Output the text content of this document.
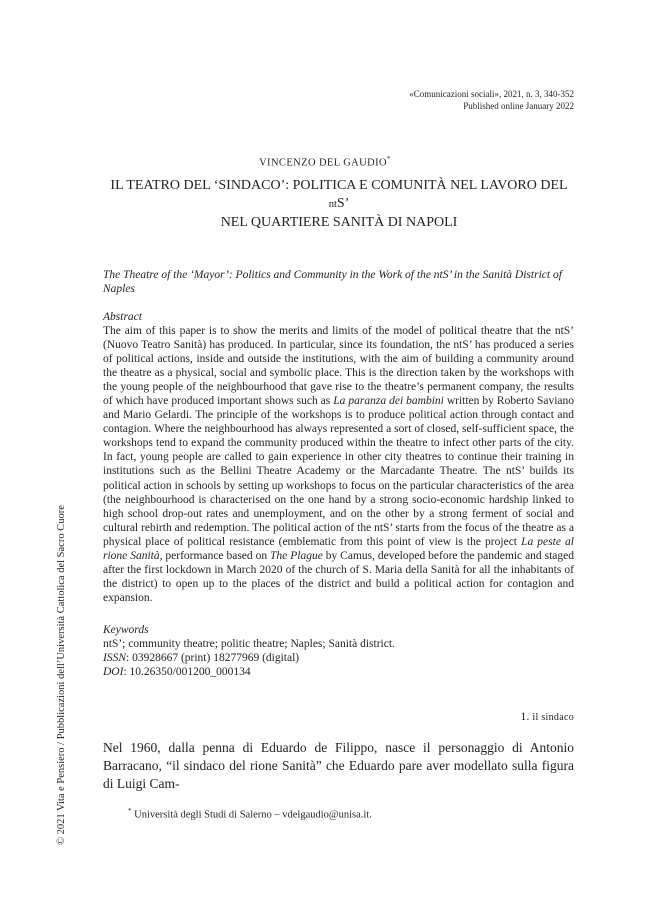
«Comunicazioni sociali», 2021, n. 3, 340-352
Published online January 2022
VINCENZO DEL GAUDIO*
IL TEATRO DEL ‘SINDACO’: POLITICA E COMUNITÀ NEL LAVORO DEL ntS’
NEL QUARTIERE SANITÀ DI NAPOLI
The Theatre of the ‘Mayor’: Politics and Community in the Work of the ntS’ in the Sanità District of Naples
Abstract

The aim of this paper is to show the merits and limits of the model of political theatre that the ntS’ (Nuovo Teatro Sanità) has produced. In particular, since its foundation, the ntS’ has produced a series of political actions, inside and outside the institutions, with the aim of building a community around the theatre as a physical, social and symbolic place. This is the direction taken by the workshops with the young people of the neighbourhood that gave rise to the theatre’s permanent company, the results of which have produced important shows such as La paranza dei bambini written by Roberto Saviano and Mario Gelardi. The principle of the workshops is to produce political action through contact and contagion. Where the neighbourhood has always represented a sort of closed, self-sufficient space, the workshops tend to expand the community produced within the theatre to infect other parts of the city. In fact, young people are called to gain experience in other city theatres to continue their training in institutions such as the Bellini Theatre Academy or the Marcadante Theatre. The ntS’ builds its political action in schools by setting up workshops to focus on the particular characteristics of the area (the neighbourhood is characterised on the one hand by a strong socio-economic hardship linked to high school drop-out rates and unemployment, and on the other by a strong ferment of social and cultural rebirth and redemption. The political action of the ntS’ starts from the focus of the theatre as a physical place of political resistance (emblematic from this point of view is the project La peste al rione Sanità, performance based on The Plague by Camus, developed before the pandemic and staged after the first lockdown in March 2020 of the church of S. Maria della Sanità for all the inhabitants of the district) to open up to the places of the district and build a political action for contagion and expansion.

Keywords
ntS’; community theatre; politic theatre; Naples; Sanità district.
ISSN: 03928667 (print) 18277969 (digital)
DOI: 10.26350/001200_000134
1. il sindaco
Nel 1960, dalla penna di Eduardo de Filippo, nasce il personaggio di Antonio Barracano, “il sindaco del rione Sanità” che Eduardo pare aver modellato sulla figura di Luigi Cam-
* Università degli Studi di Salerno – vdelgaudio@unisa.it.
© 2021 Vita e Pensiero / Pubblicazioni dell’Università Cattolica del Sacro Cuore
